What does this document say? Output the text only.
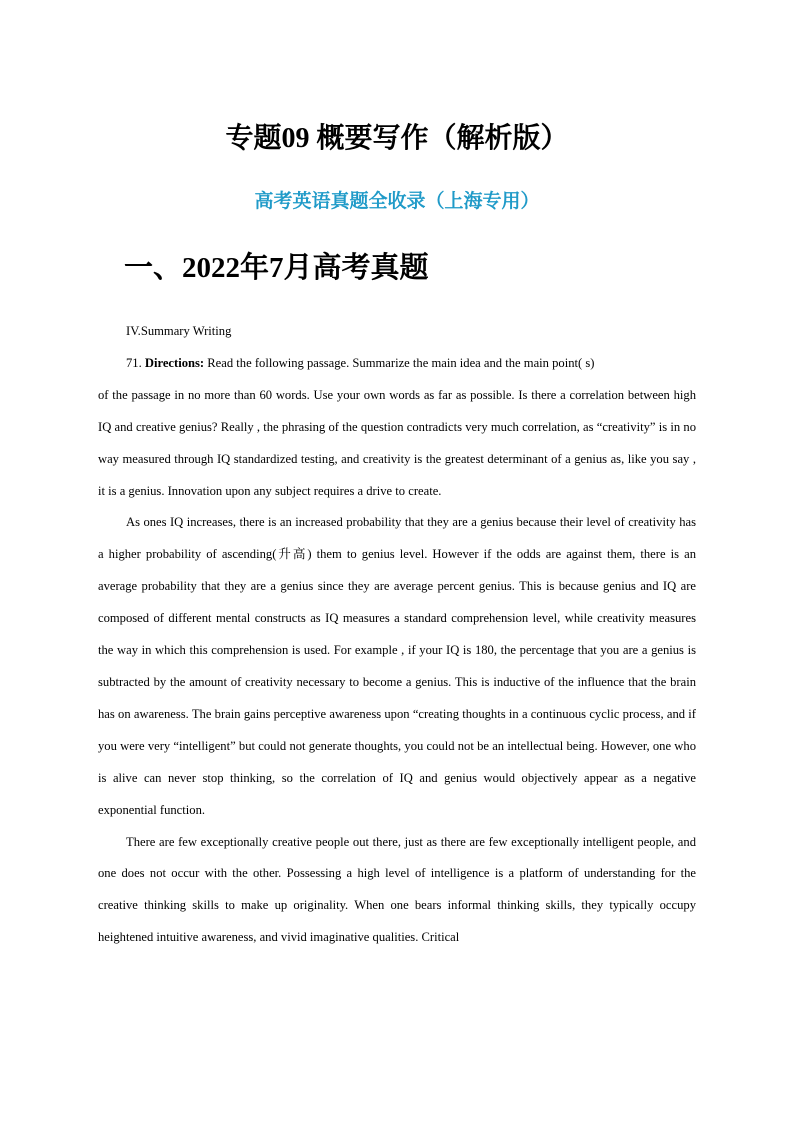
专题09 概要写作（解析版）
高考英语真题全收录（上海专用）
一、2022年7月高考真题

IV.Summary Writing

71. Directions: Read the following passage. Summarize the main idea and the main point( s)

of the passage in no more than 60 words. Use your own words as far as possible. Is there a correlation between high IQ and creative genius? Really , the phrasing of the question contradicts very much correlation, as “creativity” is in no way measured through IQ standardized testing, and creativity is the greatest determinant of a genius as, like you say , it is a genius. Innovation upon any subject requires a drive to create.

As ones IQ increases, there is an increased probability that they are a genius because their level of creativity has a higher probability of ascending(升高) them to genius level. However if the odds are against them, there is an average probability that they are a genius since they are average percent genius. This is because genius and IQ are composed of different mental constructs as IQ measures a standard comprehension level, while creativity measures the way in which this comprehension is used. For example , if your IQ is 180, the percentage that you are a genius is subtracted by the amount of creativity necessary to become a genius. This is inductive of the influence that the brain has on awareness. The brain gains perceptive awareness upon “creating thoughts in a continuous cyclic process, and if you were very “intelligent” but could not generate thoughts, you could not be an intellectual being. However, one who is alive can never stop thinking, so the correlation of IQ and genius would objectively appear as a negative exponential function.

There are few exceptionally creative people out there, just as there are few exceptionally intelligent people, and one does not occur with the other. Possessing a high level of intelligence is a platform of understanding for the creative thinking skills to make up originality. When one bears informal thinking skills, they typically occupy heightened intuitive awareness, and vivid imaginative qualities. Critical
